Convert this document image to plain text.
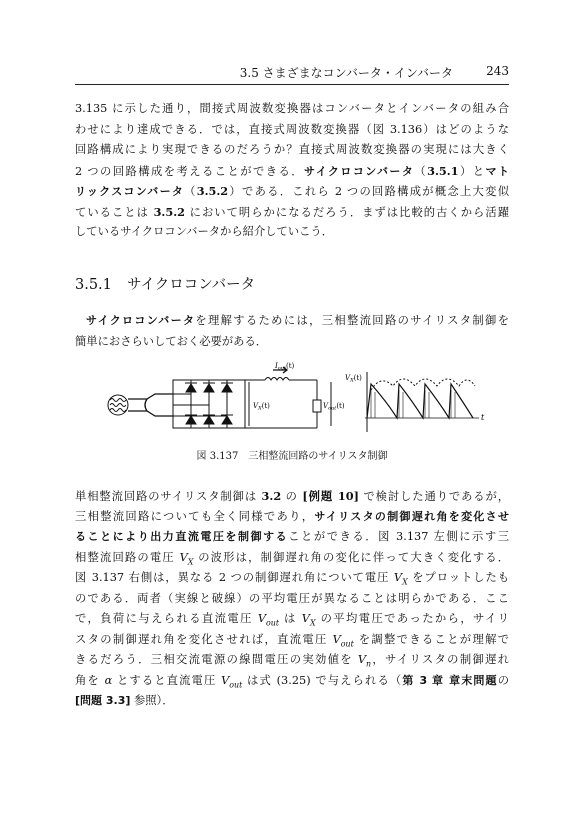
3.5 さまざまなコンバータ・インバータ	243
3.135 に示した通り，間接式周波数変換器はコンバータとインバータの組み合
わせにより達成できる．では，直接式周波数変換器（図 3.136）はどのような
回路構成により実現できるのだろうか？直接式周波数変換器の実現には大きく
2 つの回路構成を考えることができる．サイクロコンバータ（3.5.1）とマト
リックスコンバータ（3.5.2）である．これら 2 つの回路構成が概念上大変似
ていることは 3.5.2 において明らかになるだろう．まずは比較的古くから活躍
しているサイクロコンバータから紹介していこう．
3.5.1 サイクロコンバータ
サイクロコンバータを理解するためには，三相整流回路のサイリスタ制御を
簡単におさらいしておく必要がある．
$I_{out}(t)$
$V_X(t)$	$V_{out}(t)$
$V_X(t)$
t
図 3.137　三相整流回路のサイリスタ制御
単相整流回路のサイリスタ制御は 3.2 の [例題 10] で検討した通りであるが，
三相整流回路についても全く同様であり，サイリスタの制御遅れ角を変化させ
ることにより出力直流電圧を制御することができる．図 3.137 左側に示す三
相整流回路の電圧 $V_X$ の波形は，制御遅れ角の変化に伴って大きく変化する．
図 3.137 右側は，異なる 2 つの制御遅れ角について電圧 $V_X$ をプロットしたも
のである．両者（実線と破線）の平均電圧が異なることは明らかである．ここ
で，負荷に与えられる直流電圧 $V_{out}$ は $V_X$ の平均電圧であったから，サイリ
スタの制御遅れ角を変化させれば，直流電圧 $V_{out}$ を調整できることが理解で
きるだろう．三相交流電源の線間電圧の実効値を $V_n$，サイリスタの制御遅れ
角を α とすると直流電圧 $V_{out}$ は式 (3.25) で与えられる（第 3 章 章末問題の
[問題 3.3] 参照）．
